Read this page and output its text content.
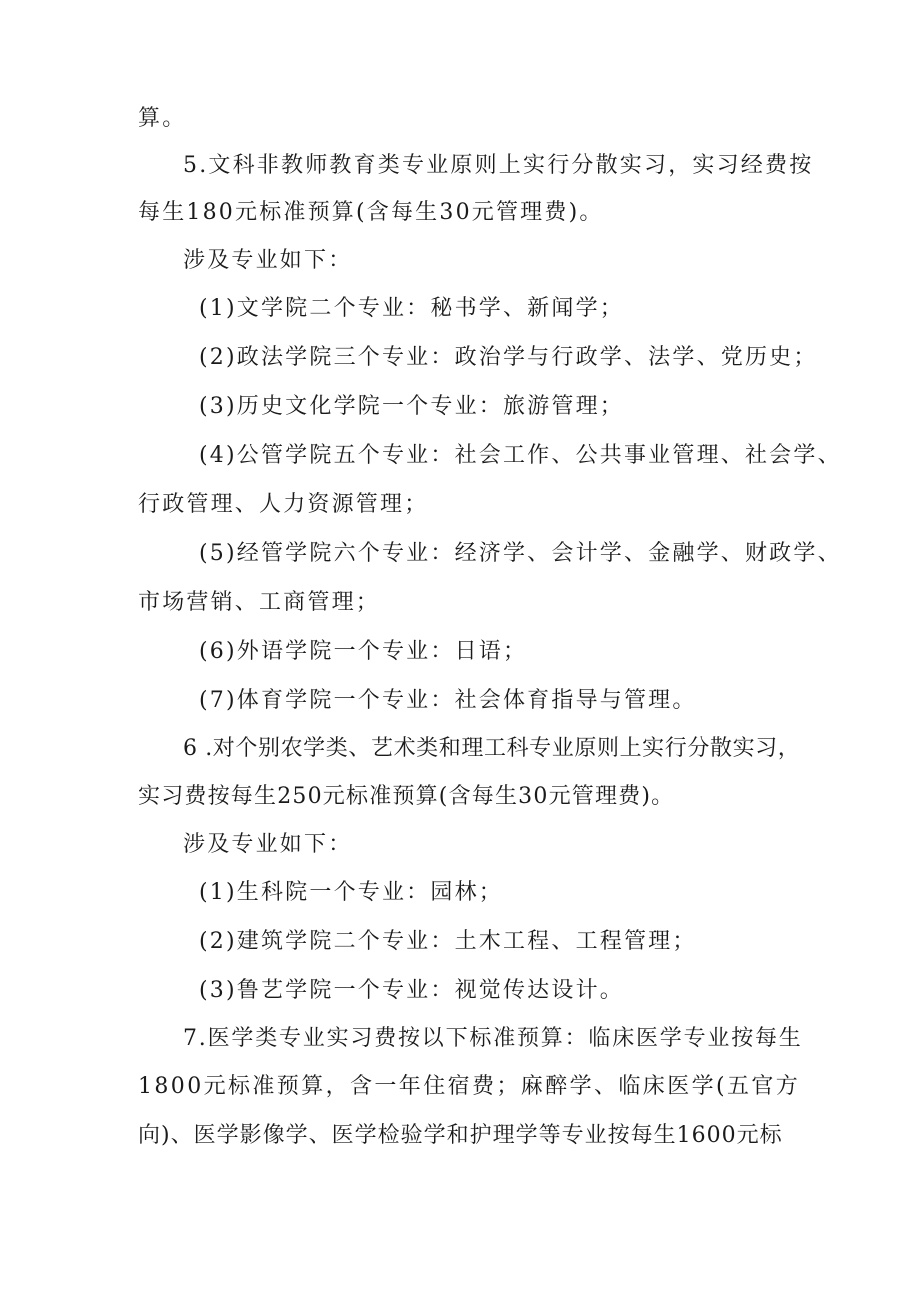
算。
5.文科非教师教育类专业原则上实行分散实习，实习经费按
每生180元标准预算(含每生30元管理费)。
涉及专业如下：
(1)文学院二个专业：秘书学、新闻学；
(2)政法学院三个专业：政治学与行政学、法学、党历史；
(3)历史文化学院一个专业：旅游管理；
(4)公管学院五个专业：社会工作、公共事业管理、社会学、
行政管理、人力资源管理；
(5)经管学院六个专业：经济学、会计学、金融学、财政学、
市场营销、工商管理；
(6)外语学院一个专业：日语；
(7)体育学院一个专业：社会体育指导与管理。
6 .对个别农学类、艺术类和理工科专业原则上实行分散实习，
实习费按每生250元标准预算(含每生30元管理费)。
涉及专业如下：
(1)生科院一个专业：园林；
(2)建筑学院二个专业：土木工程、工程管理；
(3)鲁艺学院一个专业：视觉传达设计。
7.医学类专业实习费按以下标准预算：临床医学专业按每生
1800元标准预算，含一年住宿费；麻醉学、临床医学(五官方
向)、医学影像学、医学检验学和护理学等专业按每生1600元标
